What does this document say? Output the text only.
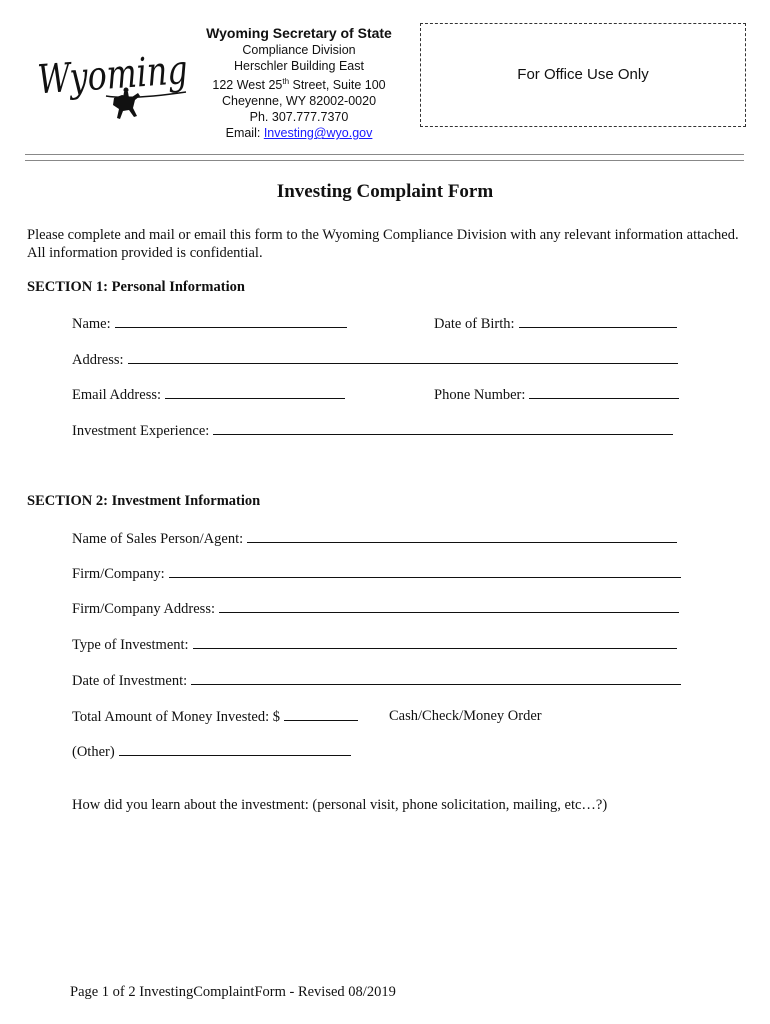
Wyoming
Wyoming Secretary of State
Compliance Division
Herschler Building East
122 West 25th Street, Suite 100
Cheyenne, WY 82002-0020
Ph. 307.777.7370
Email: Investing@wyo.gov
For Office Use Only
Investing Complaint Form
Please complete and mail or email this form to the Wyoming Compliance Division with any relevant information attached. All information provided is confidential.
SECTION 1: Personal Information
Name:	Date of Birth:
Address:
Email Address:	Phone Number:
Investment Experience:
SECTION 2: Investment Information
Name of Sales Person/Agent:
Firm/Company:
Firm/Company Address:
Type of Investment:
Date of Investment:
Total Amount of Money Invested: $	Cash/Check/Money Order
(Other)
How did you learn about the investment: (personal visit, phone solicitation, mailing, etc…?)
Page 1 of 2 InvestingComplaintForm - Revised 08/2019
